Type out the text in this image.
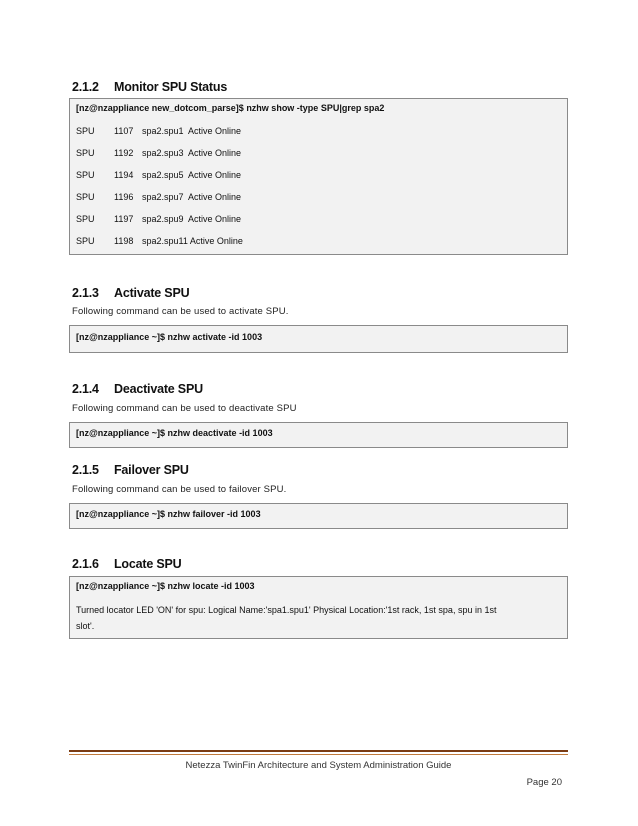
2.1.2 Monitor SPU Status
[nz@nzappliance new_dotcom_parse]$ nzhw show -type SPU|grep spa2
SPU 1107 spa2.spu1  Active Online
SPU 1192 spa2.spu3  Active Online
SPU 1194 spa2.spu5  Active Online
SPU 1196 spa2.spu7  Active Online
SPU 1197 spa2.spu9  Active Online
SPU 1198 spa2.spu11 Active Online
2.1.3 Activate SPU
Following command can be used to activate SPU.
[nz@nzappliance ~]$ nzhw activate -id 1003
2.1.4 Deactivate SPU
Following command can be used to deactivate SPU
[nz@nzappliance ~]$ nzhw deactivate -id 1003
2.1.5 Failover SPU
Following command can be used to failover SPU.
[nz@nzappliance ~]$ nzhw failover -id 1003
2.1.6 Locate SPU
[nz@nzappliance ~]$ nzhw locate -id 1003
Turned locator LED 'ON' for spu: Logical Name:'spa1.spu1' Physical Location:'1st rack, 1st spa, spu in 1st
slot'.
Netezza TwinFin Architecture and System Administration Guide
Page 20
